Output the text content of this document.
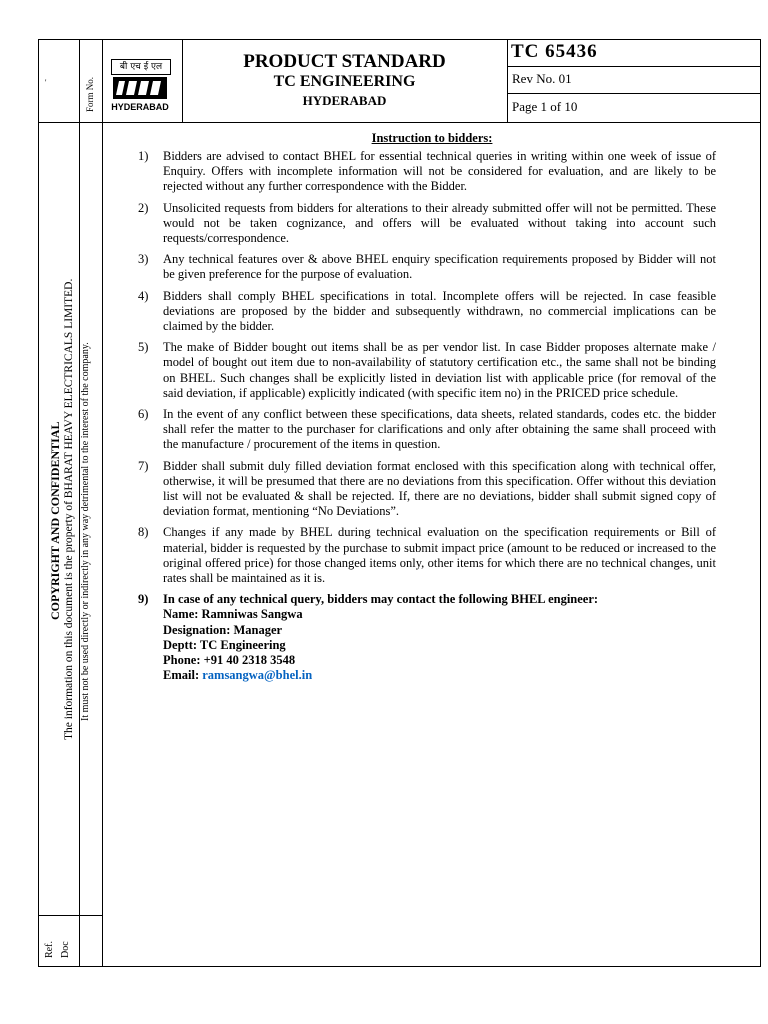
'	Form No.
बी एच ई एल
HYDERABAD
PRODUCT STANDARD
TC ENGINEERING
HYDERABAD
TC 65436
Rev No. 01
Page 1 of 10
COPYRIGHT AND CONFIDENTIAL The information on this document is the property of BHARAT HEAVY ELECTRICALS LIMITED. It must not be used directly or indirectly in any way detrimental to the interest of the company.
Ref. Doc
Instruction to bidders:
1) Bidders are advised to contact BHEL for essential technical queries in writing within one week of issue of Enquiry. Offers with incomplete information will not be considered for evaluation, and are likely to be rejected without any further correspondence with the Bidder.
2) Unsolicited requests from bidders for alterations to their already submitted offer will not be permitted. These would not be taken cognizance, and offers will be evaluated without taking into account such requests/correspondence.
3) Any technical features over & above BHEL enquiry specification requirements proposed by Bidder will not be given preference for the purpose of evaluation.
4) Bidders shall comply BHEL specifications in total. Incomplete offers will be rejected. In case feasible deviations are proposed by the bidder and subsequently withdrawn, no commercial implications can be claimed by the bidder.
5) The make of Bidder bought out items shall be as per vendor list. In case Bidder proposes alternate make / model of bought out item due to non-availability of statutory certification etc., the same shall not be binding on BHEL. Such changes shall be explicitly listed in deviation list with applicable price (for removal of the said deviation, if applicable) explicitly indicated (with specific item no) in the PRICED price schedule.
6) In the event of any conflict between these specifications, data sheets, related standards, codes etc. the bidder shall refer the matter to the purchaser for clarifications and only after obtaining the same shall proceed with the manufacture / procurement of the items in question.
7) Bidder shall submit duly filled deviation format enclosed with this specification along with technical offer, otherwise, it will be presumed that there are no deviations from this specification. Offer without this deviation list will not be evaluated & shall be rejected. If, there are no deviations, bidder shall submit signed copy of deviation format, mentioning “No Deviations”.
8) Changes if any made by BHEL during technical evaluation on the specification requirements or Bill of material, bidder is requested by the purchase to submit impact price (amount to be reduced or increased to the original offered price) for those changed items only, other items for which there are no technical changes, unit rates shall be maintained as it is.
9) In case of any technical query, bidders may contact the following BHEL engineer:
Name: Ramniwas Sangwa
Designation: Manager
Deptt: TC Engineering
Phone: +91 40 2318 3548
Email: ramsangwa@bhel.in
